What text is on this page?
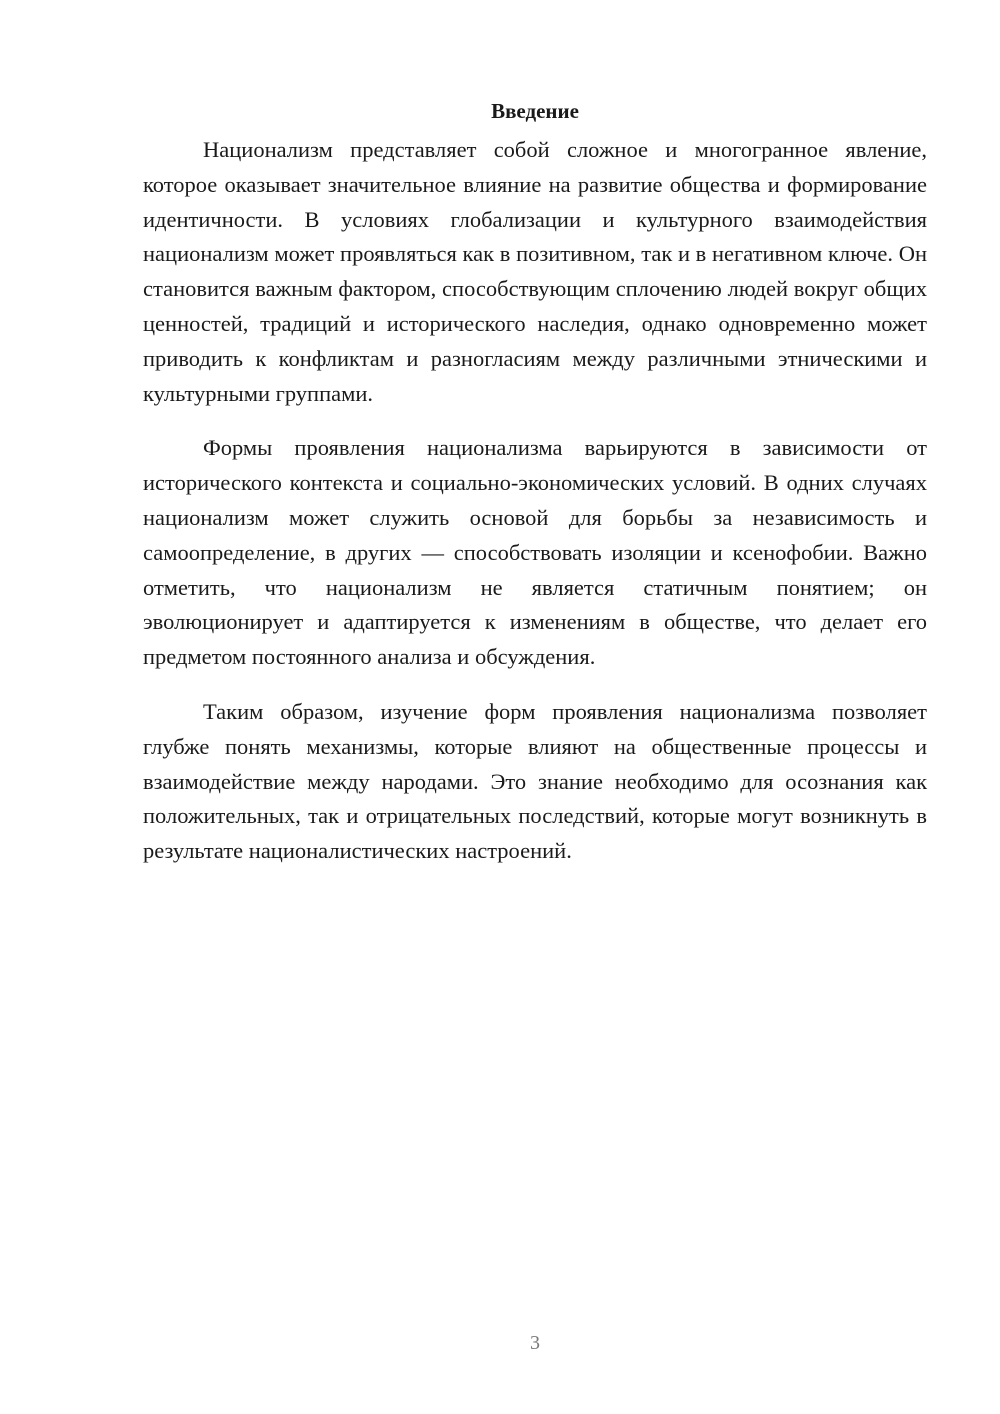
Введение

Национализм представляет собой сложное и многогранное явление, которое оказывает значительное влияние на развитие общества и формирование идентичности. В условиях глобализации и культурного взаимодействия национализм может проявляться как в позитивном, так и в негативном ключе. Он становится важным фактором, способствующим сплочению людей вокруг общих ценностей, традиций и исторического наследия, однако одновременно может приводить к конфликтам и разногласиям между различными этническими и культурными группами.

Формы проявления национализма варьируются в зависимости от исторического контекста и социально-экономических условий. В одних случаях национализм может служить основой для борьбы за независимость и самоопределение, в других — способствовать изоляции и ксенофобии. Важно отметить, что национализм не является статичным понятием; он эволюционирует и адаптируется к изменениям в обществе, что делает его предметом постоянного анализа и обсуждения.

Таким образом, изучение форм проявления национализма позволяет глубже понять механизмы, которые влияют на общественные процессы и взаимодействие между народами. Это знание необходимо для осознания как положительных, так и отрицательных последствий, которые могут возникнуть в результате националистических настроений.

3
